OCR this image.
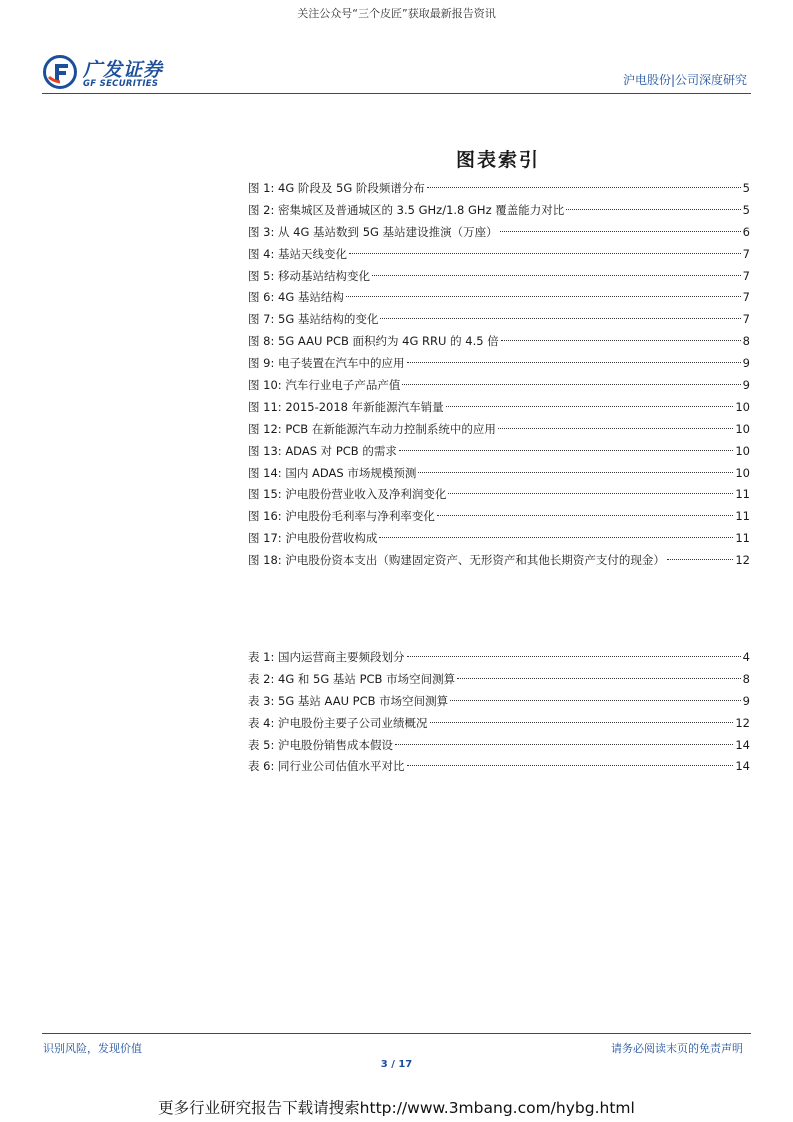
关注公众号“三个皮匠”获取最新报告资讯
广发证券
GF SECURITIES	沪电股份|公司深度研究
图表索引
图 1: 4G 阶段及 5G 阶段频谱分布	5
图 2: 密集城区及普通城区的 3.5 GHz/1.8 GHz 覆盖能力对比	5
图 3: 从 4G 基站数到 5G 基站建设推演（万座）	6
图 4: 基站天线变化	7
图 5: 移动基站结构变化	7
图 6: 4G 基站结构	7
图 7: 5G 基站结构的变化	7
图 8: 5G AAU PCB 面积约为 4G RRU 的 4.5 倍	8
图 9: 电子装置在汽车中的应用	9
图 10: 汽车行业电子产品产值	9
图 11: 2015-2018 年新能源汽车销量	10
图 12: PCB 在新能源汽车动力控制系统中的应用	10
图 13: ADAS 对 PCB 的需求	10
图 14: 国内 ADAS 市场规模预测	10
图 15: 沪电股份营业收入及净利润变化	11
图 16: 沪电股份毛利率与净利率变化	11
图 17: 沪电股份营收构成	11
图 18: 沪电股份资本支出（购建固定资产、无形资产和其他长期资产支付的现金）	12
表 1: 国内运营商主要频段划分	4
表 2: 4G 和 5G 基站 PCB 市场空间测算	8
表 3: 5G 基站 AAU PCB 市场空间测算	9
表 4: 沪电股份主要子公司业绩概况	12
表 5: 沪电股份销售成本假设	14
表 6: 同行业公司估值水平对比	14
识别风险，发现价值	请务必阅读末页的免责声明
3 / 17
更多行业研究报告下载请搜索http://www.3mbang.com/hybg.html
